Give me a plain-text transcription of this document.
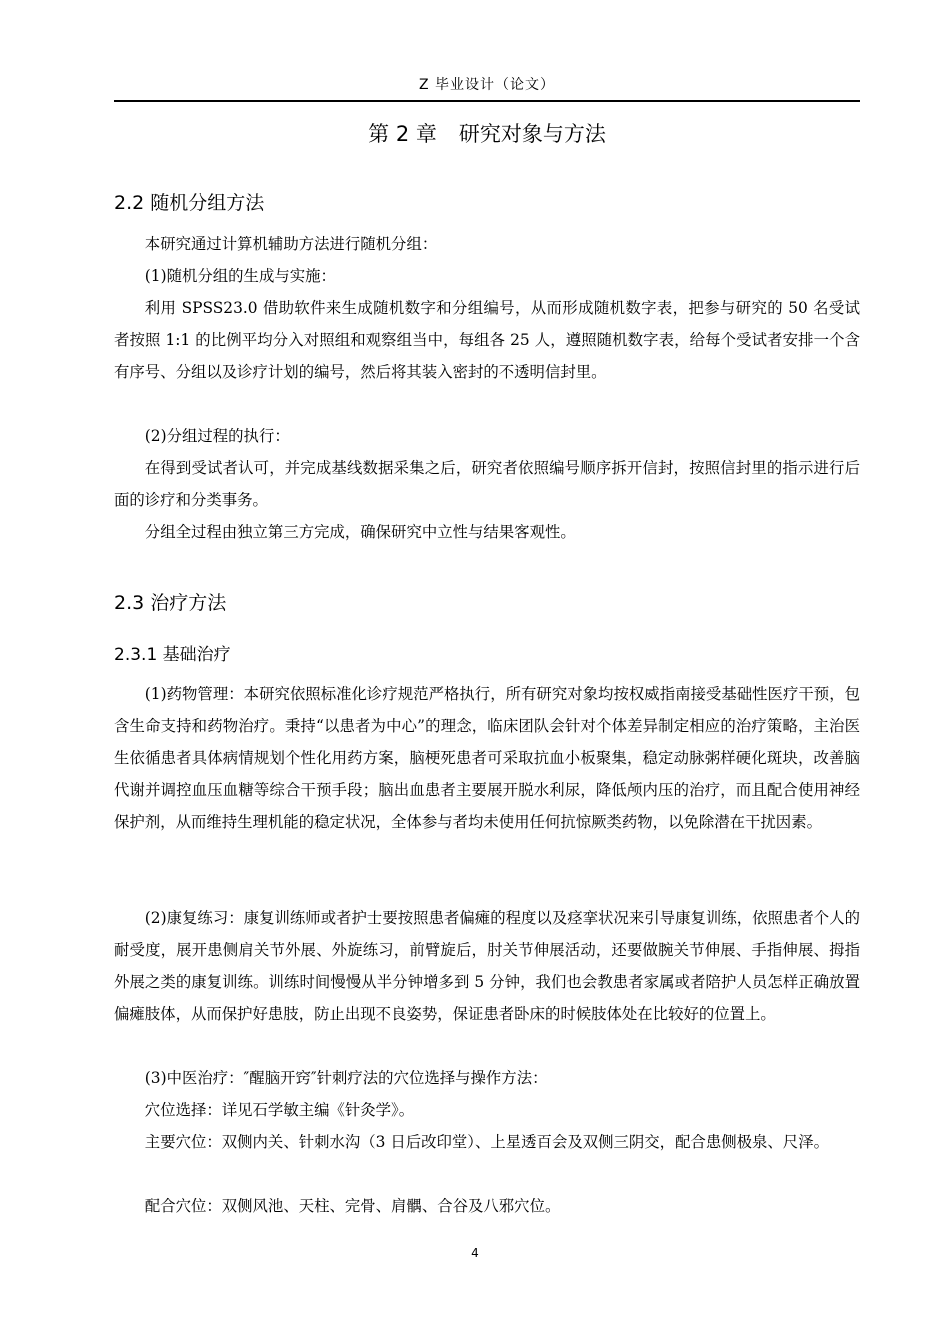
Z 毕业设计（论文）
第 2 章 研究对象与方法
2.2 随机分组方法

本研究通过计算机辅助方法进行随机分组：

(1)随机分组的生成与实施：

利用 SPSS23.0 借助软件来生成随机数字和分组编号，从而形成随机数字表，把参与研究的 50 名受试者按照 1:1 的比例平均分入对照组和观察组当中，每组各 25 人，遵照随机数字表，给每个受试者安排一个含有序号、分组以及诊疗计划的编号，然后将其装入密封的不透明信封里。

(2)分组过程的执行：

在得到受试者认可，并完成基线数据采集之后，研究者依照编号顺序拆开信封，按照信封里的指示进行后面的诊疗和分类事务。

分组全过程由独立第三方完成，确保研究中立性与结果客观性。

2.3 治疗方法
2.3.1 基础治疗

(1)药物管理：本研究依照标准化诊疗规范严格执行，所有研究对象均按权威指南接受基础性医疗干预，包含生命支持和药物治疗。秉持“以患者为中心”的理念，临床团队会针对个体差异制定相应的治疗策略，主治医生依循患者具体病情规划个性化用药方案，脑梗死患者可采取抗血小板聚集，稳定动脉粥样硬化斑块，改善脑代谢并调控血压血糖等综合干预手段；脑出血患者主要展开脱水利尿，降低颅内压的治疗，而且配合使用神经保护剂，从而维持生理机能的稳定状况，全体参与者均未使用任何抗惊厥类药物，以免除潜在干扰因素。

(2)康复练习：康复训练师或者护士要按照患者偏瘫的程度以及痉挛状况来引导康复训练，依照患者个人的耐受度，展开患侧肩关节外展、外旋练习，前臂旋后，肘关节伸展活动，还要做腕关节伸展、手指伸展、拇指外展之类的康复训练。训练时间慢慢从半分钟增多到 5 分钟，我们也会教患者家属或者陪护人员怎样正确放置偏瘫肢体，从而保护好患肢，防止出现不良姿势，保证患者卧床的时候肢体处在比较好的位置上。

(3)中医治疗：″醒脑开窍″针刺疗法的穴位选择与操作方法：

穴位选择：详见石学敏主编《针灸学》。

主要穴位：双侧内关、针刺水沟（3 日后改印堂）、上星透百会及双侧三阴交，配合患侧极泉、尺泽。

配合穴位：双侧风池、天柱、完骨、肩髃、合谷及八邪穴位。

4
